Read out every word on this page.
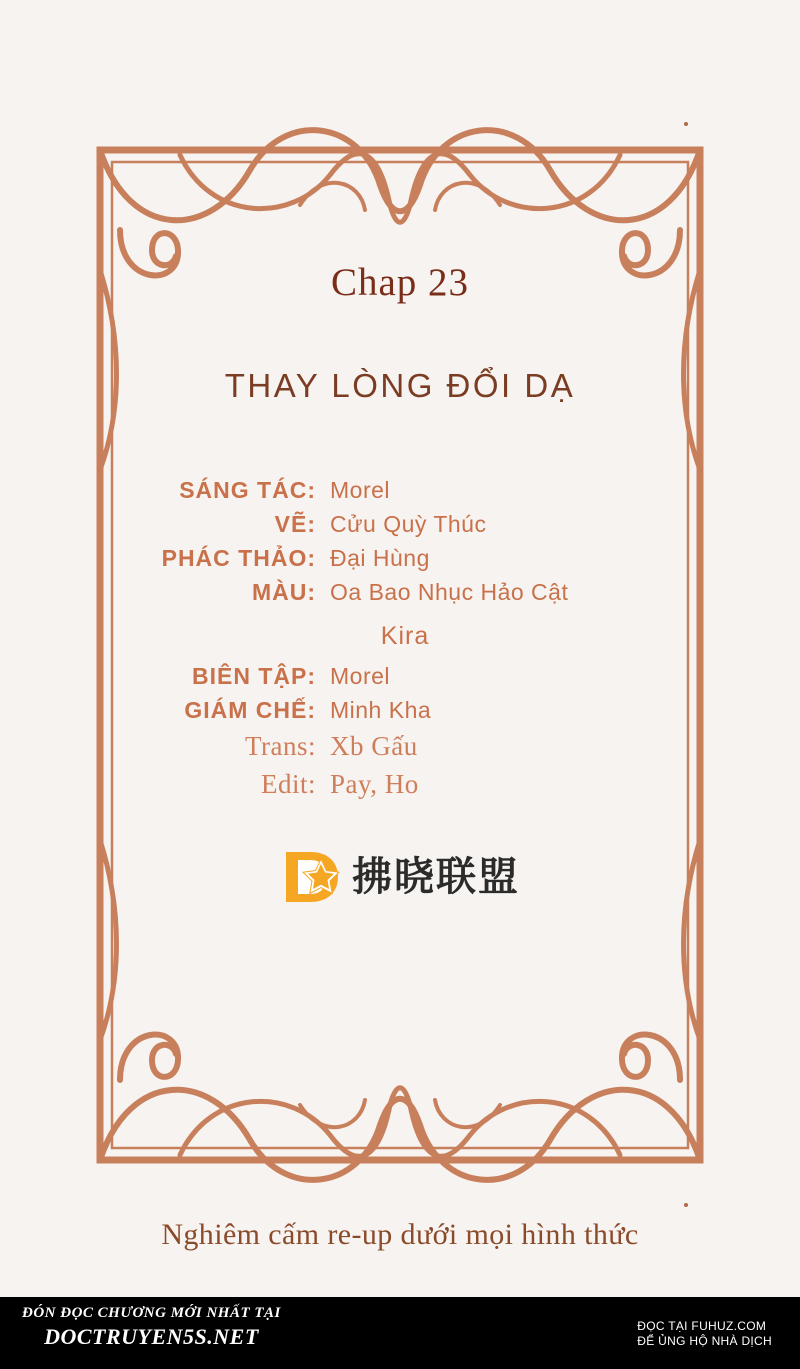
Chap 23
THAY LÒNG ĐỔI DẠ
SÁNG TÁC: Morel
VẼ: Cửu Quỳ Thúc
PHÁC THẢO: Đại Hùng
MÀU: Oa Bao Nhục Hảo Cật
Kira
BIÊN TẬP: Morel
GIÁM CHẾ: Minh Kha
Trans: Xb Gấu
Edit: Pay, Ho
拂晓联盟
Nghiêm cấm re-up dưới mọi hình thức
ĐÓN ĐỌC CHƯƠNG MỚI NHẤT TẠI
DOCTRUYEN5S.NET	ĐỌC TẠI FUHUZ.COM
ĐỂ ỦNG HỘ NHÀ DỊCH
